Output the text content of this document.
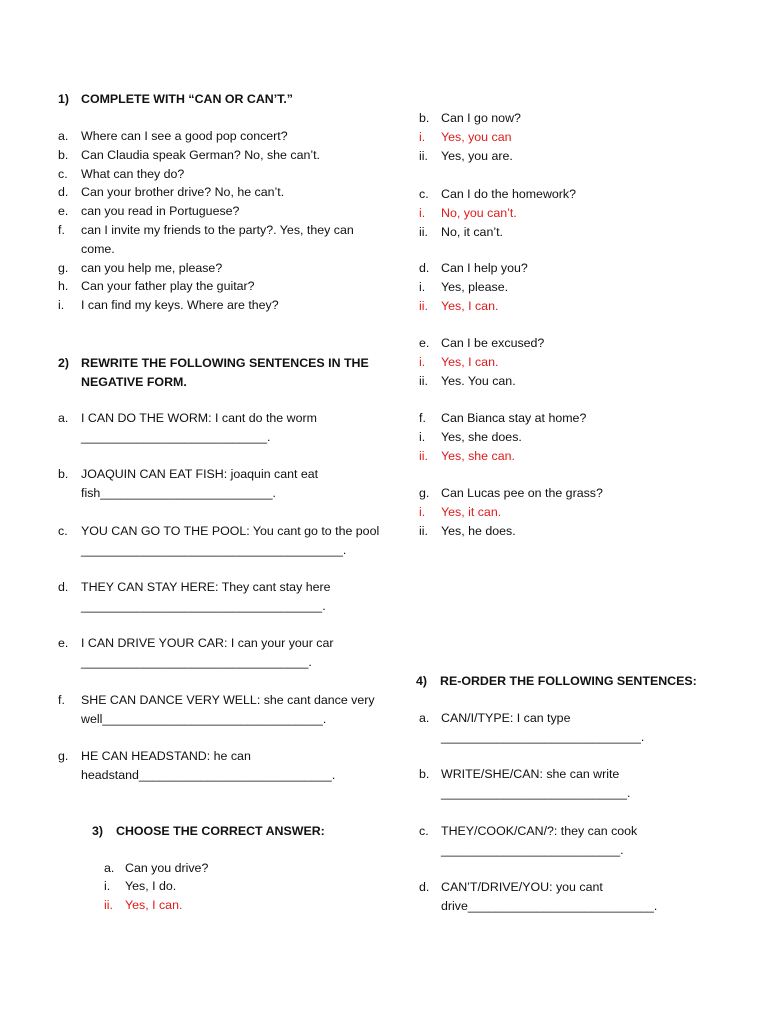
1) COMPLETE WITH “CAN OR CAN’T.”
a. Where can I see a good pop concert?
b. Can Claudia speak German? No, she can’t.
c. What can they do?
d. Can your brother drive? No, he can’t.
e. can you read in Portuguese?
f. can I invite my friends to the party?. Yes, they can
come.
g. can you help me, please?
h. Can your father play the guitar?
i. I can find my keys. Where are they?
2) REWRITE THE FOLLOWING SENTENCES IN THE
NEGATIVE FORM.
a. I CAN DO THE WORM: I cant do the worm
___________________________.
b. JOAQUIN CAN EAT FISH: joaquin cant eat
fish_________________________.
c. YOU CAN GO TO THE POOL: You cant go to the pool
______________________________________.
d. THEY CAN STAY HERE: They cant stay here
___________________________________.
e. I CAN DRIVE YOUR CAR: I can your your car
_________________________________.
f. SHE CAN DANCE VERY WELL: she cant dance very
well________________________________.
g. HE CAN HEADSTAND: he can
headstand____________________________.
3) CHOOSE THE CORRECT ANSWER:
a. Can you drive?
i. Yes, I do.
ii. Yes, I can.
b. Can I go now?
i. Yes, you can
ii. Yes, you are.
c. Can I do the homework?
i. No, you can’t.
ii. No, it can’t.
d. Can I help you?
i. Yes, please.
ii. Yes, I can.
e. Can I be excused?
i. Yes, I can.
ii. Yes. You can.
f. Can Bianca stay at home?
i. Yes, she does.
ii. Yes, she can.
g. Can Lucas pee on the grass?
i. Yes, it can.
ii. Yes, he does.
4) RE-ORDER THE FOLLOWING SENTENCES:
a. CAN/I/TYPE: I can type
_____________________________.
b. WRITE/SHE/CAN: she can write
___________________________.
c. THEY/COOK/CAN/?: they can cook
__________________________.
d. CAN’T/DRIVE/YOU: you cant
drive___________________________.
